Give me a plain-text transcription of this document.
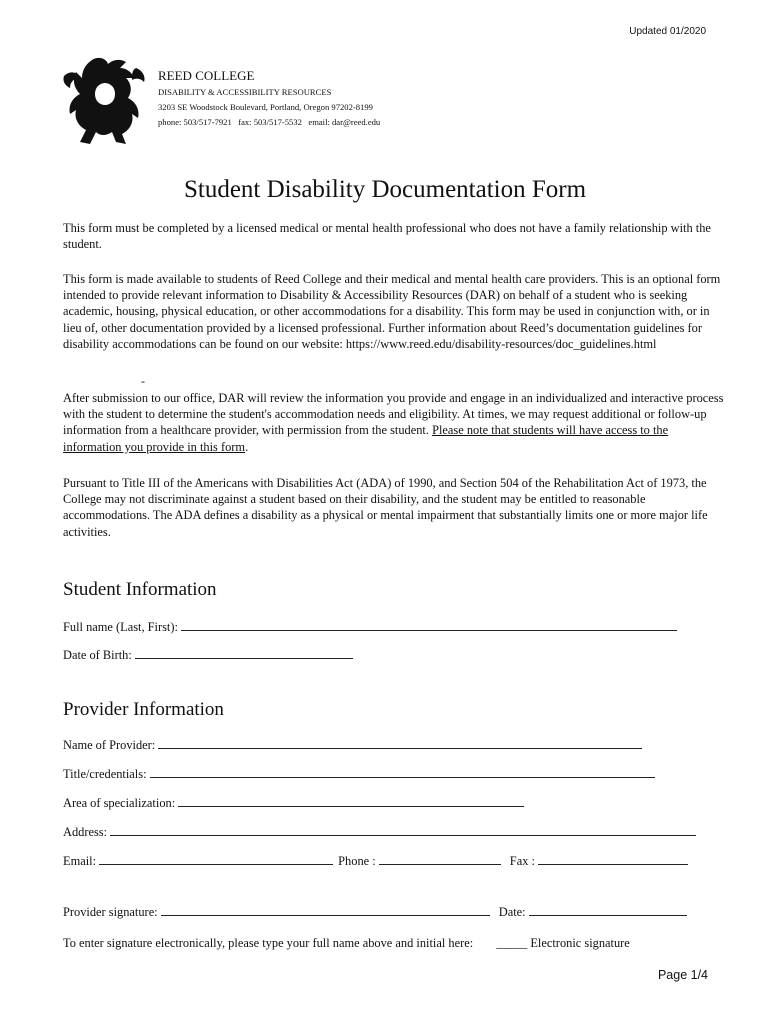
Updated 01/2020
REED COLLEGE
DISABILITY & ACCESSIBILITY RESOURCES
3203 SE Woodstock Boulevard, Portland, Oregon 97202-8199
phone: 503/517-7921   fax: 503/517-5532   email: dar@reed.edu
Student Disability Documentation Form

This form must be completed by a licensed medical or mental health professional who does not have a family relationship with the student.

This form is made available to students of Reed College and their medical and mental health care providers. This is an optional form intended to provide relevant information to Disability & Accessibility Resources (DAR) on behalf of a student who is seeking academic, housing, physical education, or other accommodations for a disability. This form may be used in conjunction with, or in lieu of, other documentation provided by a licensed professional. Further information about Reed’s documentation guidelines for disability accommodations can be found on our website: https://www.reed.edu/disability-resources/doc_guidelines.html

-

After submission to our office, DAR will review the information you provide and engage in an individualized and interactive process with the student to determine the student's accommodation needs and eligibility. At times, we may request additional or follow-up information from a healthcare provider, with permission from the student. Please note that students will have access to the information you provide in this form.

Pursuant to Title III of the Americans with Disabilities Act (ADA) of 1990, and Section 504 of the Rehabilitation Act of 1973, the College may not discriminate against a student based on their disability, and the student may be entitled to reasonable accommodations. The ADA defines a disability as a physical or mental impairment that substantially limits one or more major life activities.

Student Information
Full name (Last, First):
Date of Birth:
Provider Information
Name of Provider:
Title/credentials:
Area of specialization:
Address:
Email:	Phone :	Fax :
Provider signature:	Date:
To enter signature electronically, please type your full name above and initial here: _____ Electronic signature
Page 1/4
